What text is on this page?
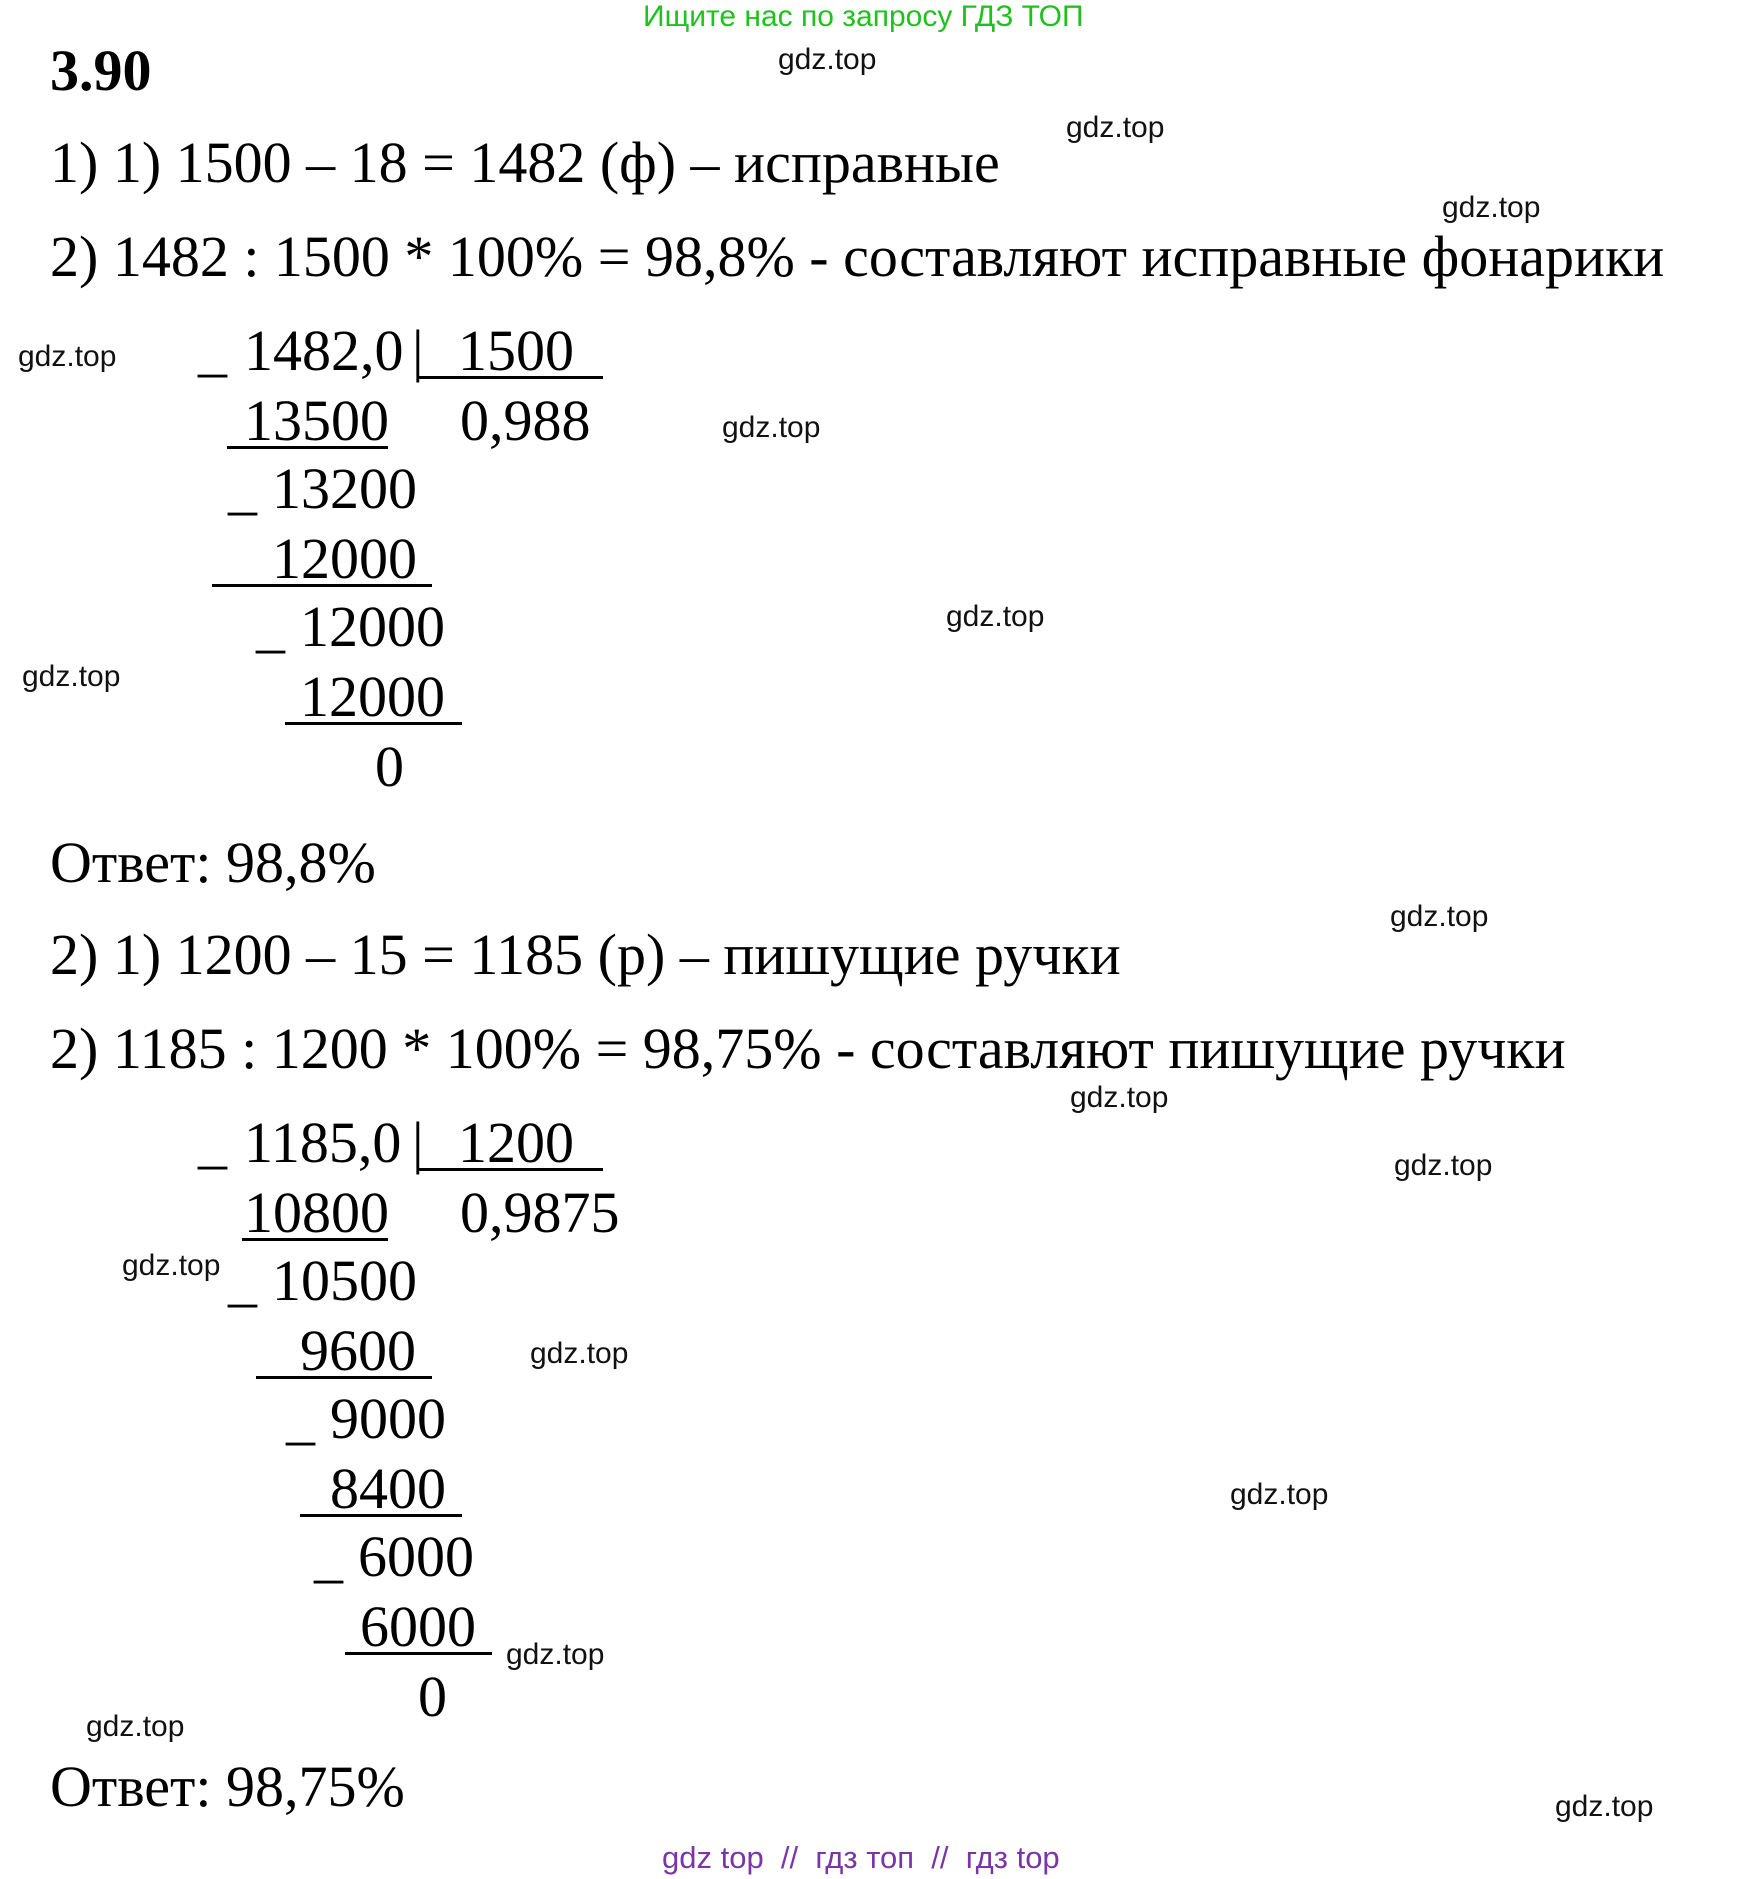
Ищите нас по запросу ГДЗ ТОП
3.90
1) 1) 1500 – 18 = 1482 (ф) – исправные
2) 1482 : 1500 * 100% = 98,8% - составляют исправные фонарики
_ 1482,0 | 1500
0,988
13500
_ 13200
12000
_ 12000
12000
0
Ответ: 98,8%
2) 1) 1200 – 15 = 1185 (р) – пишущие ручки
2) 1185 : 1200 * 100% = 98,75% - составляют пишущие ручки
_ 1185,0 | 1200
0,9875
10800
_ 10500
9600
_ 9000
8400
_ 6000
6000
0
Ответ: 98,75%
gdz.top
gdz.top
gdz.top
gdz.top
gdz.top
gdz.top
gdz.top
gdz.top
gdz.top
gdz.top
gdz.top
gdz.top
gdz.top
gdz.top
gdz.top
gdz.top
gdz top  //  гдз топ  //  гдз top
